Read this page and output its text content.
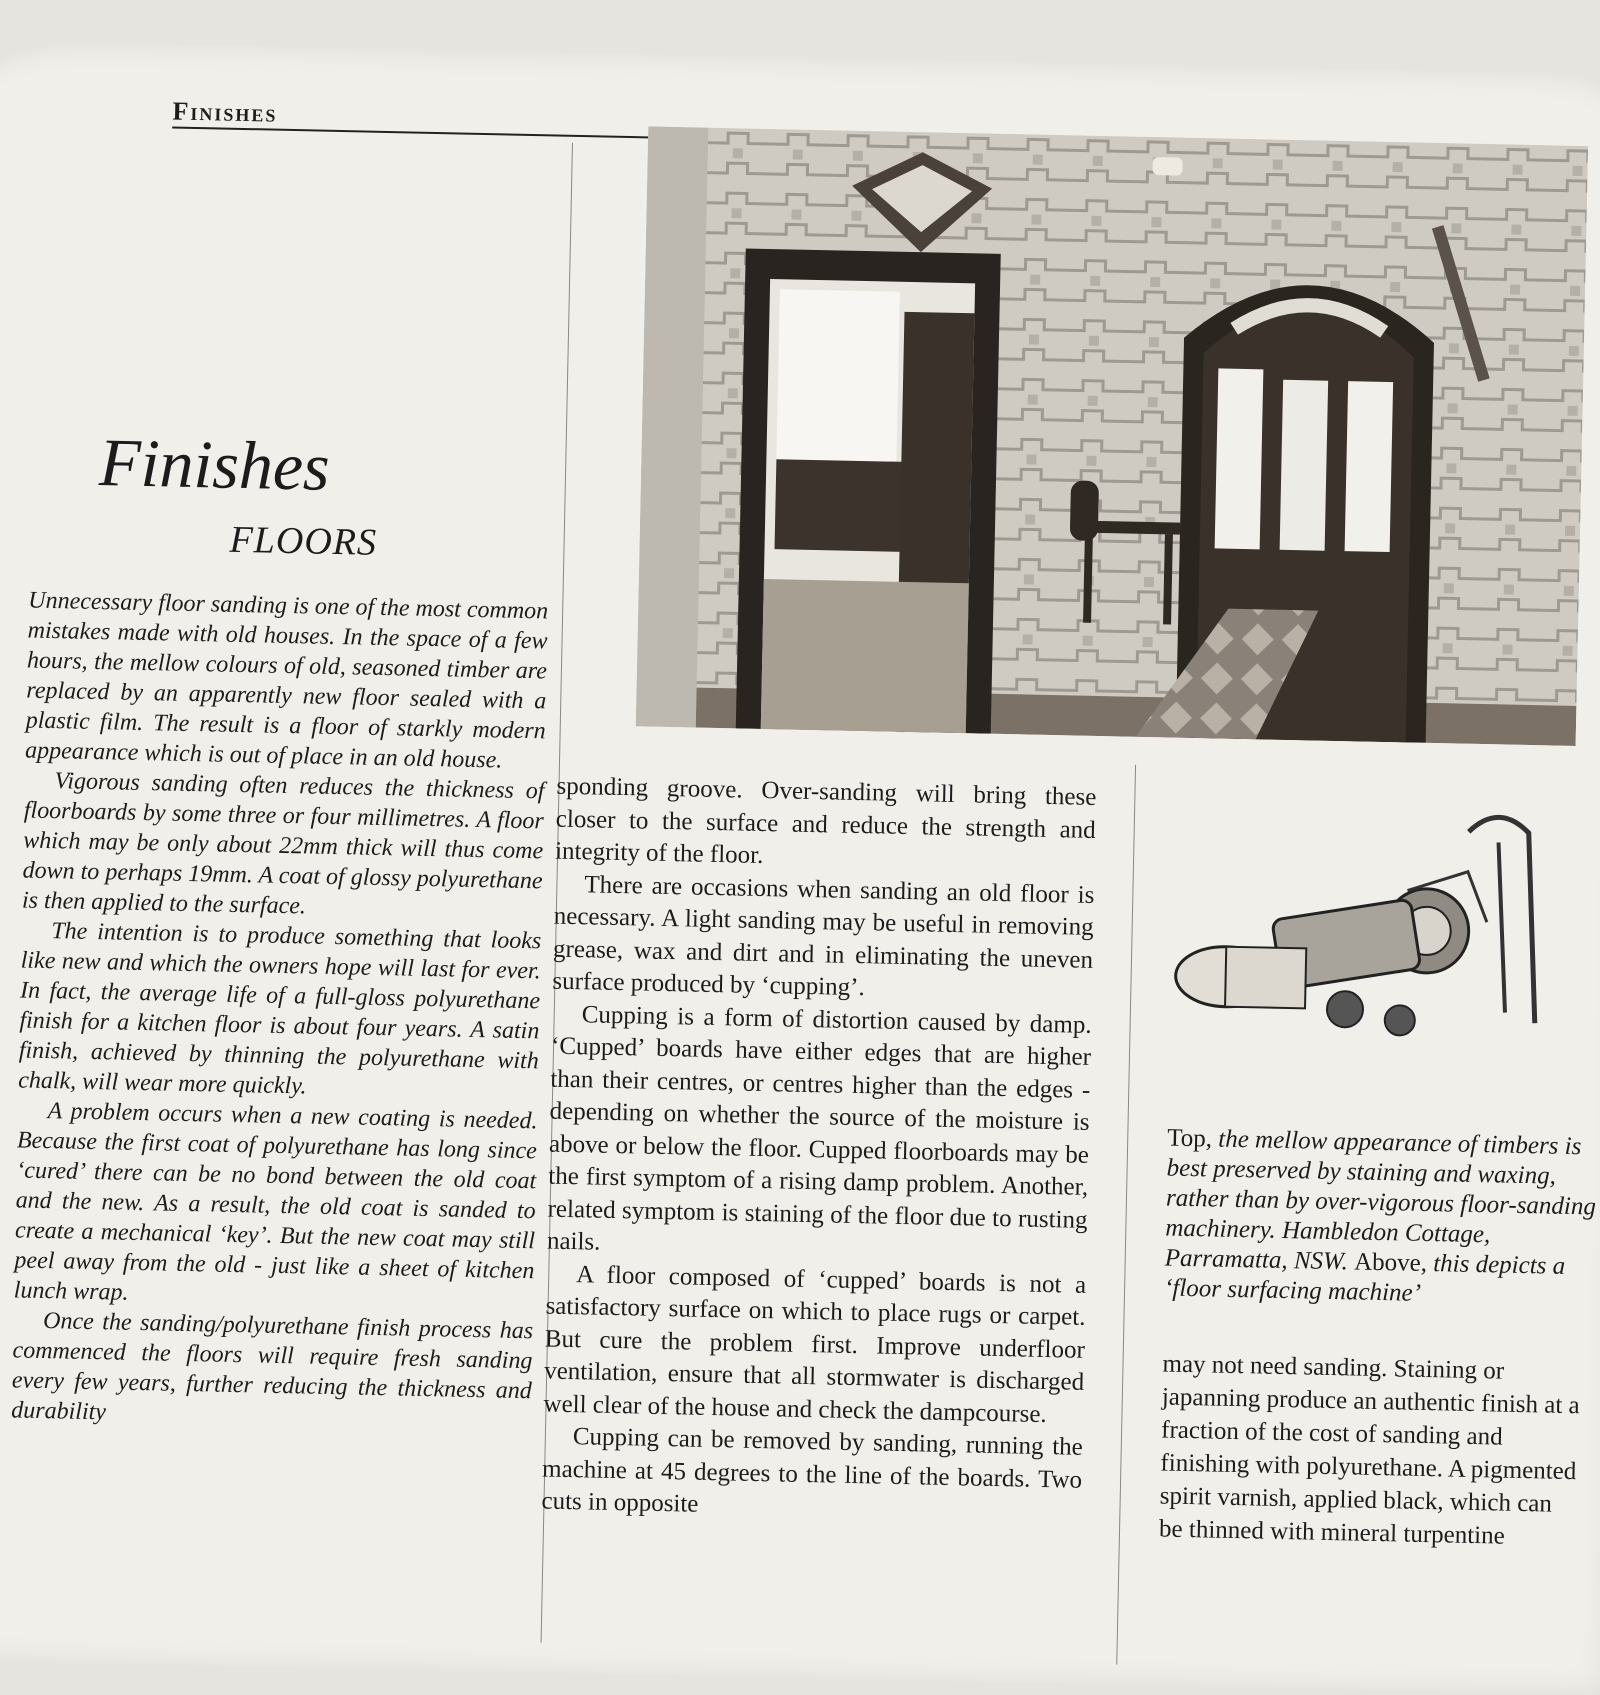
Finishes
Finishes
FLOORS

Unnecessary floor sanding is one of the most common mistakes made with old houses. In the space of a few hours, the mellow colours of old, seasoned timber are replaced by an apparently new floor sealed with a plastic film. The result is a floor of starkly modern appearance which is out of place in an old house.

Vigorous sanding often reduces the thickness of floorboards by some three or four millimetres. A floor which may be only about 22mm thick will thus come down to perhaps 19mm. A coat of glossy polyurethane is then applied to the surface.

The intention is to produce something that looks like new and which the owners hope will last for ever. In fact, the average life of a full-gloss polyurethane finish for a kitchen floor is about four years. A satin finish, achieved by thinning the polyurethane with chalk, will wear more quickly.

A problem occurs when a new coating is needed. Because the first coat of polyurethane has long since ‘cured’ there can be no bond between the old coat and the new. As a result, the old coat is sanded to create a mechanical ‘key’. But the new coat may still peel away from the old - just like a sheet of kitchen lunch wrap.

Once the sanding/polyurethane finish process has commenced the floors will require fresh sanding every few years, further reducing the thickness and durability

sponding groove. Over-sanding will bring these closer to the surface and reduce the strength and integrity of the floor.

There are occasions when sanding an old floor is necessary. A light sanding may be useful in removing grease, wax and dirt and in eliminating the uneven surface produced by ‘cupping’.

Cupping is a form of distortion caused by damp. ‘Cupped’ boards have either edges that are higher than their centres, or centres higher than the edges - depending on whether the source of the moisture is above or below the floor. Cupped floorboards may be the first symptom of a rising damp problem. Another, related symptom is staining of the floor due to rusting nails.

A floor composed of ‘cupped’ boards is not a satisfactory surface on which to place rugs or carpet. But cure the problem first. Improve underfloor ventilation, ensure that all stormwater is discharged well clear of the house and check the dampcourse.

Cupping can be removed by sanding, running the machine at 45 degrees to the line of the boards. Two cuts in opposite

Top, the mellow appearance of timbers is best preserved by staining and waxing, rather than by over-vigorous floor-sanding machinery. Hambledon Cottage, Parramatta, NSW. Above, this depicts a ‘floor surfacing machine’

may not need sanding. Staining or japanning produce an authentic finish at a fraction of the cost of sanding and finishing with polyurethane. A pigmented spirit varnish, applied black, which can be thinned with mineral turpentine
